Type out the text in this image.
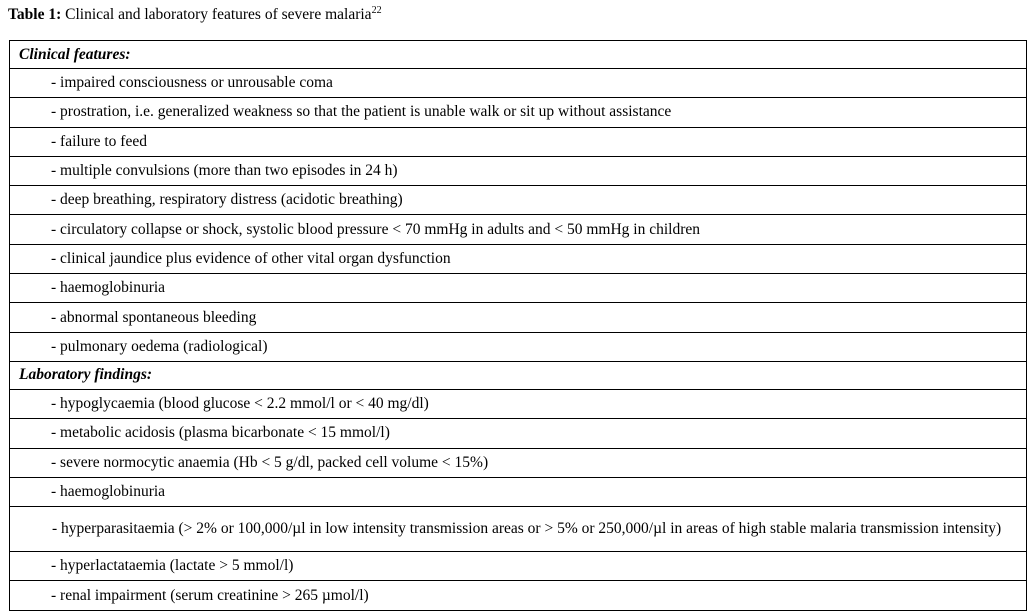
Table 1: Clinical and laboratory features of severe malaria$^{22}$
Clinical features:

- impaired consciousness or unrousable coma

- prostration, i.e. generalized weakness so that the patient is unable walk or sit up without assistance

- failure to feed

- multiple convulsions (more than two episodes in 24 h)

- deep breathing, respiratory distress (acidotic breathing)

- circulatory collapse or shock, systolic blood pressure < 70 mmHg in adults and < 50 mmHg in children

- clinical jaundice plus evidence of other vital organ dysfunction

- haemoglobinuria

- abnormal spontaneous bleeding

- pulmonary oedema (radiological)

Laboratory findings:

- hypoglycaemia (blood glucose < 2.2 mmol/l or < 40 mg/dl)

- metabolic acidosis (plasma bicarbonate < 15 mmol/l)

- severe normocytic anaemia (Hb < 5 g/dl, packed cell volume < 15%)

- haemoglobinuria

- hyperparasitaemia (> 2% or 100,000/µl in low intensity transmission areas or > 5% or 250,000/µl in areas of high stable malaria transmission intensity)

- hyperlactataemia (lactate > 5 mmol/l)

- renal impairment (serum creatinine > 265 µmol/l)
